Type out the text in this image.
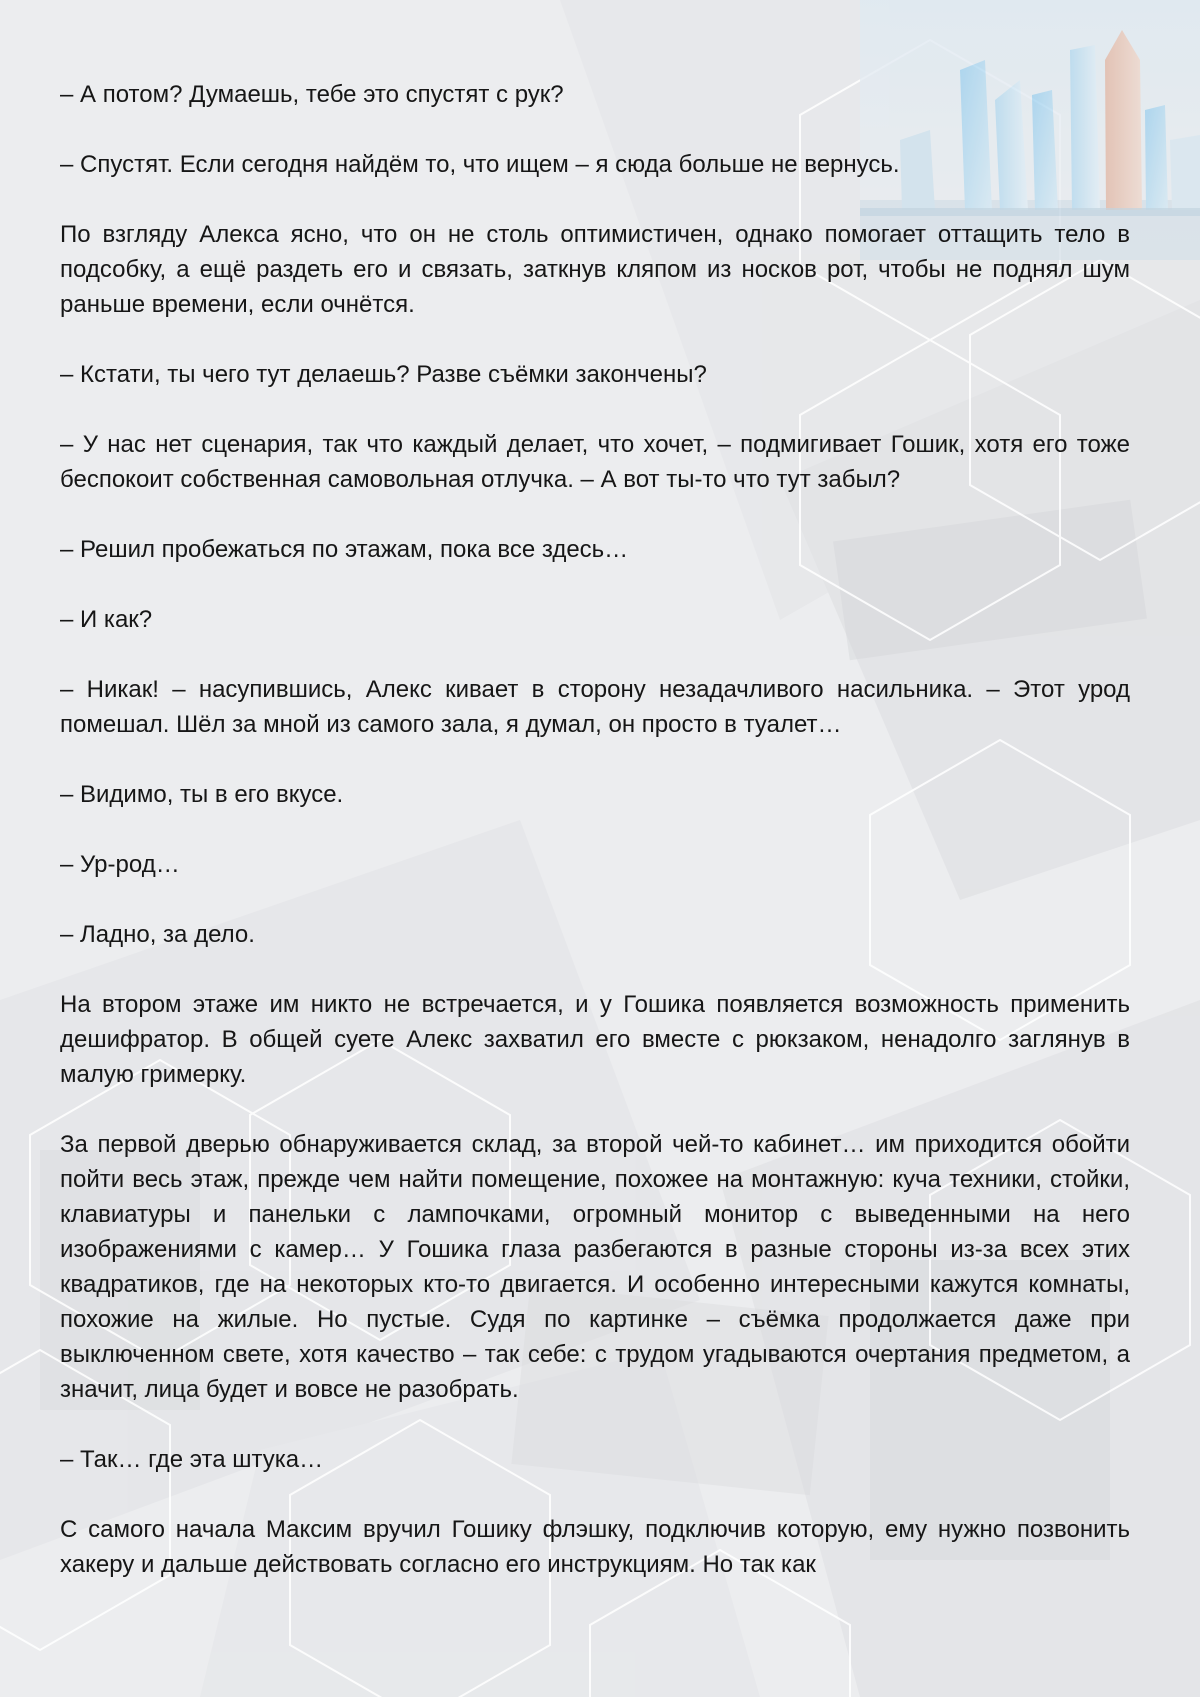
– А потом? Думаешь, тебе это спустят с рук?

– Спустят. Если сегодня найдём то, что ищем – я сюда больше не вернусь.

По взгляду Алекса ясно, что он не столь оптимистичен, однако помогает оттащить тело в подсобку, а ещё раздеть его и связать, заткнув кляпом из носков рот, чтобы не поднял шум раньше времени, если очнётся.

– Кстати, ты чего тут делаешь? Разве съёмки закончены?

– У нас нет сценария, так что каждый делает, что хочет, – подмигивает Гошик, хотя его тоже беспокоит собственная самовольная отлучка. – А вот ты-то что тут забыл?

– Решил пробежаться по этажам, пока все здесь…

– И как?

– Никак! – насупившись, Алекс кивает в сторону незадачливого насильника. – Этот урод помешал. Шёл за мной из самого зала, я думал, он просто в туалет…

– Видимо, ты в его вкусе.

– Ур-род…

– Ладно, за дело.

На втором этаже им никто не встречается, и у Гошика появляется возможность применить дешифратор. В общей суете Алекс захватил его вместе с рюкзаком, ненадолго заглянув в малую гримерку.

За первой дверью обнаруживается склад, за второй чей-то кабинет… им приходится обойти пойти весь этаж, прежде чем найти помещение, похожее на монтажную: куча техники, стойки, клавиатуры и панельки с лампочками, огромный монитор с выведенными на него изображениями с камер… У Гошика глаза разбегаются в разные стороны из-за всех этих квадратиков, где на некоторых кто-то двигается. И особенно интересными кажутся комнаты, похожие на жилые. Но пустые. Судя по картинке – съёмка продолжается даже при выключенном свете, хотя качество – так себе: с трудом угадываются очертания предметом, а значит, лица будет и вовсе не разобрать.

– Так… где эта штука…

С самого начала Максим вручил Гошику флэшку, подключив которую, ему нужно позвонить хакеру и дальше действовать согласно его инструкциям. Но так как
